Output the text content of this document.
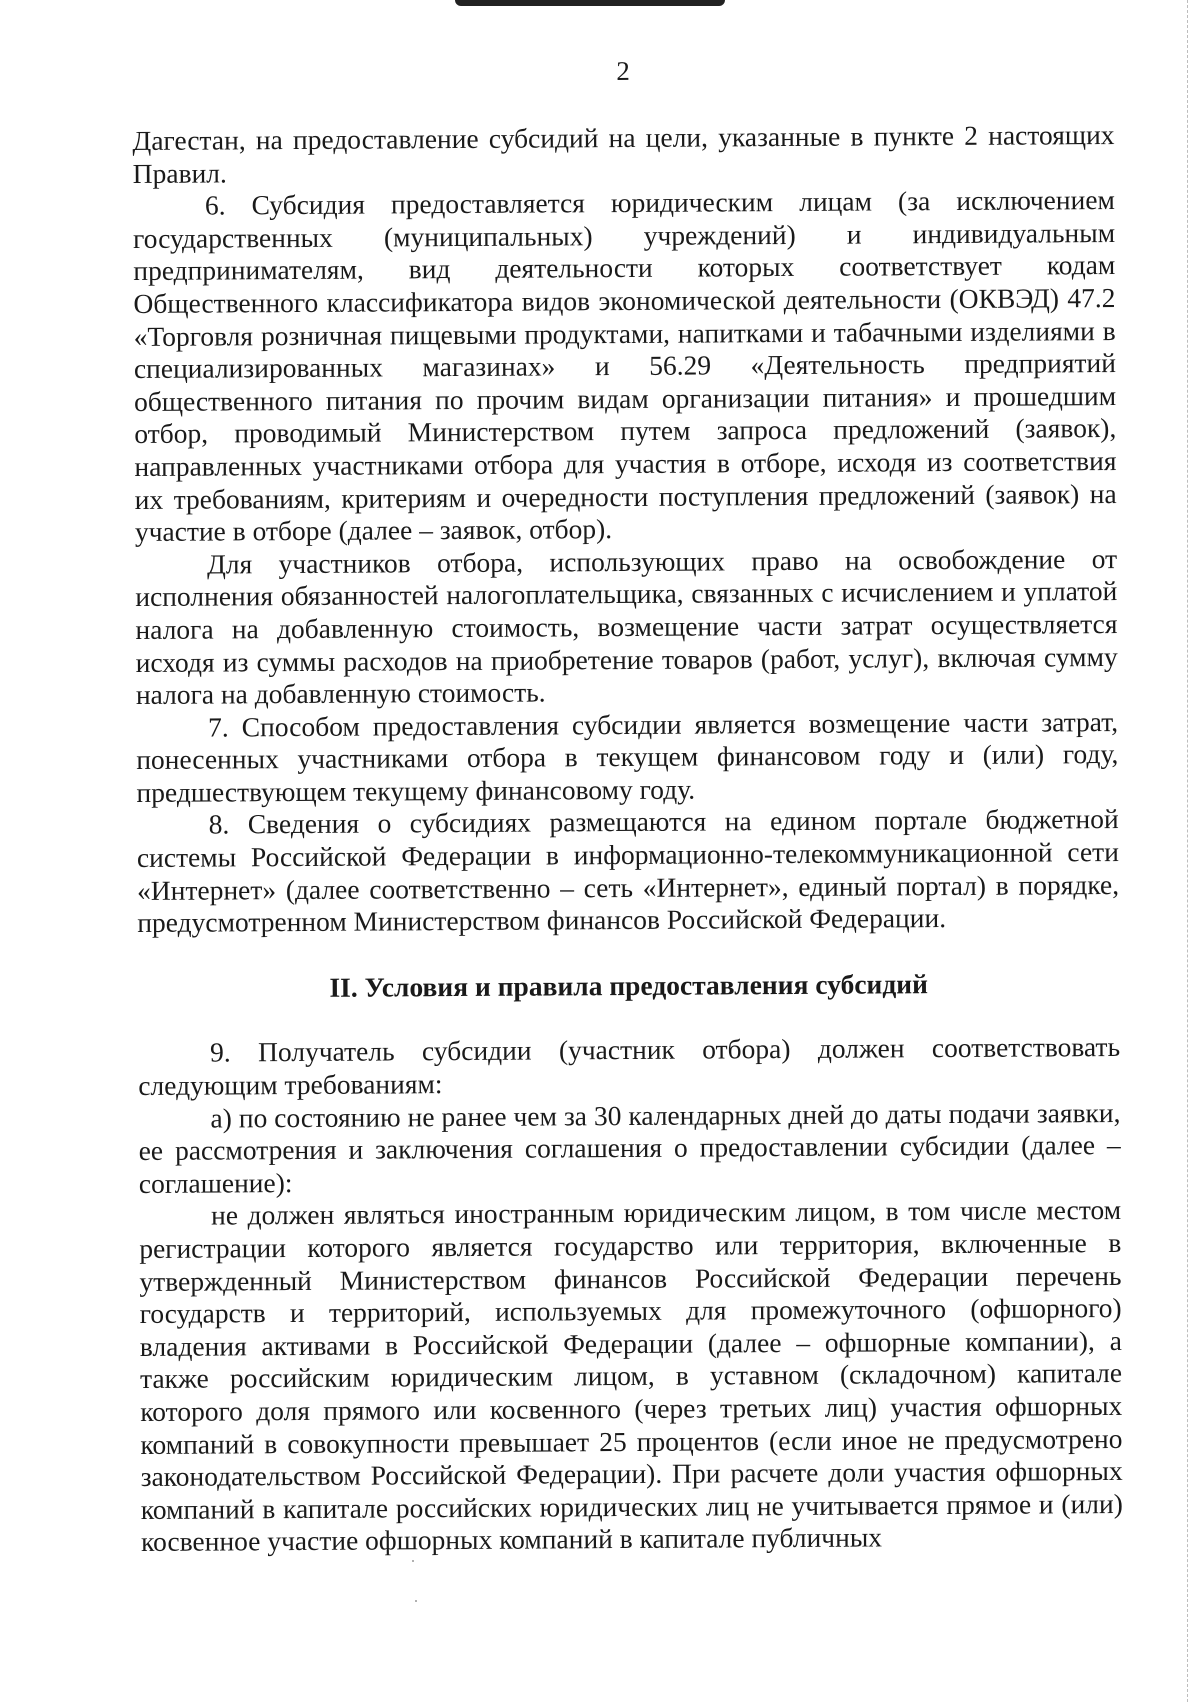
2

Дагестан, на предоставление субсидий на цели, указанные в пункте 2 настоящих Правил.

6. Субсидия предоставляется юридическим лицам (за исключением государственных (муниципальных) учреждений) и индивидуальным предпринимателям, вид деятельности которых соответствует кодам Общественного классификатора видов экономической деятельности (ОКВЭД) 47.2 «Торговля розничная пищевыми продуктами, напитками и табачными изделиями в специализированных магазинах» и 56.29 «Деятельность предприятий общественного питания по прочим видам организации питания» и прошедшим отбор, проводимый Министерством путем запроса предложений (заявок), направленных участниками отбора для участия в отборе, исходя из соответствия их требованиям, критериям и очередности поступления предложений (заявок) на участие в отборе (далее – заявок, отбор).

Для участников отбора, использующих право на освобождение от исполнения обязанностей налогоплательщика, связанных с исчислением и уплатой налога на добавленную стоимость, возмещение части затрат осуществляется исходя из суммы расходов на приобретение товаров (работ, услуг), включая сумму налога на добавленную стоимость.

7. Способом предоставления субсидии является возмещение части затрат, понесенных участниками отбора в текущем финансовом году и (или) году, предшествующем текущему финансовому году.

8. Сведения о субсидиях размещаются на едином портале бюджетной системы Российской Федерации в информационно-телекоммуникационной сети «Интернет» (далее соответственно – сеть «Интернет», единый портал) в порядке, предусмотренном Министерством финансов Российской Федерации.

II. Условия и правила предоставления субсидий

9. Получатель субсидии (участник отбора) должен соответствовать следующим требованиям:

а) по состоянию не ранее чем за 30 календарных дней до даты подачи заявки, ее рассмотрения и заключения соглашения о предоставлении субсидии (далее – соглашение):

не должен являться иностранным юридическим лицом, в том числе местом регистрации которого является государство или территория, включенные в утвержденный Министерством финансов Российской Федерации перечень государств и территорий, используемых для промежуточного (офшорного) владения активами в Российской Федерации (далее – офшорные компании), а также российским юридическим лицом, в уставном (складочном) капитале которого доля прямого или косвенного (через третьих лиц) участия офшорных компаний в совокупности превышает 25 процентов (если иное не предусмотрено законодательством Российской Федерации). При расчете доли участия офшорных компаний в капитале российских юридических лиц не учитывается прямое и (или) косвенное участие офшорных компаний в капитале публичных
